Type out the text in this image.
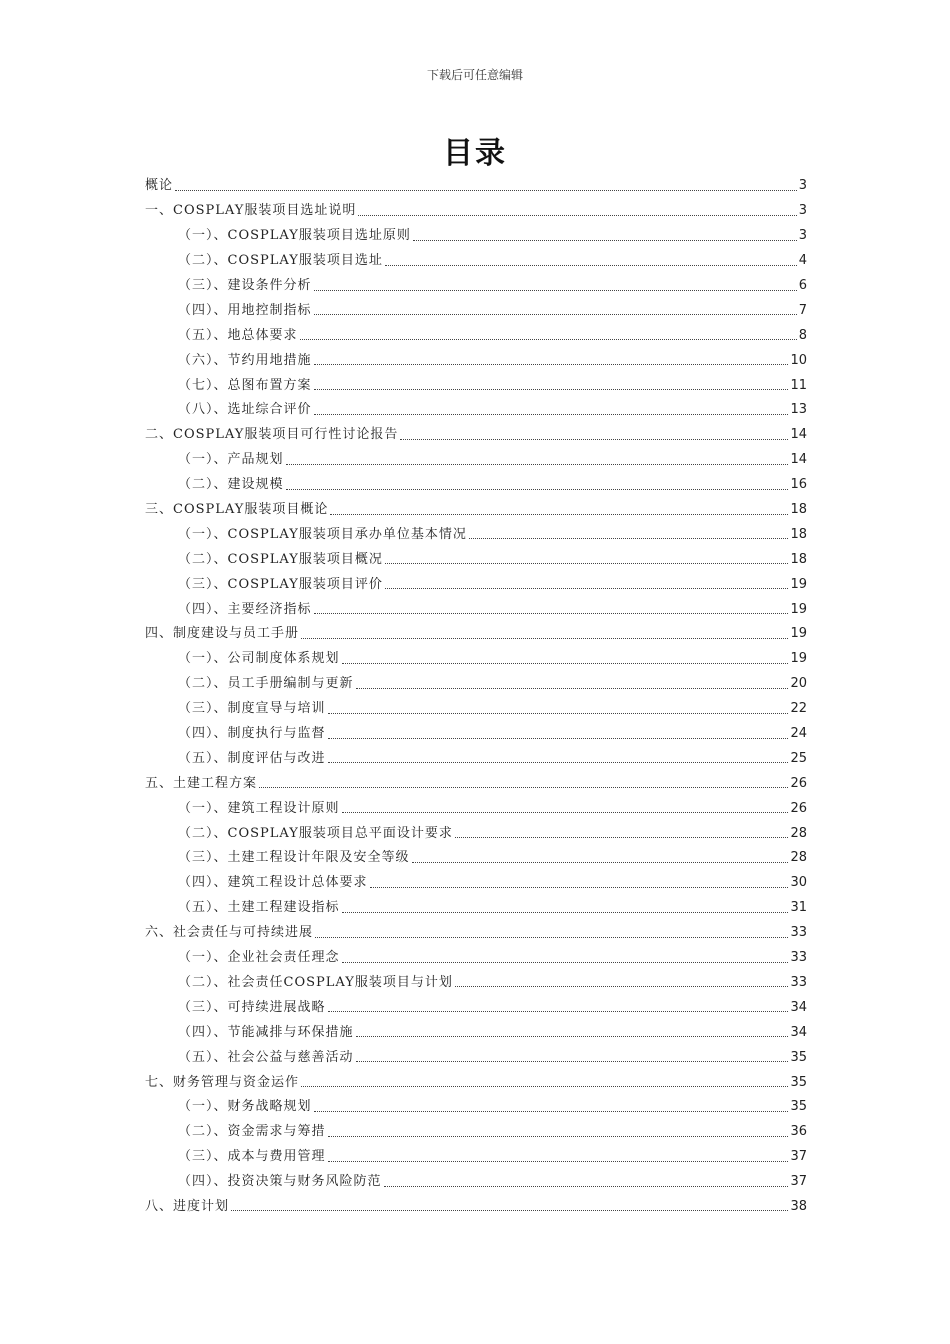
下载后可任意编辑
目录
概论	3
一、COSPLAY服装项目选址说明	3
（一）、COSPLAY服装项目选址原则	3
（二）、COSPLAY服装项目选址	4
（三）、建设条件分析	6
（四）、用地控制指标	7
（五）、地总体要求	8
（六）、节约用地措施	10
（七）、总图布置方案	11
（八）、选址综合评价	13
二、COSPLAY服装项目可行性讨论报告	14
（一）、产品规划	14
（二）、建设规模	16
三、COSPLAY服装项目概论	18
（一）、COSPLAY服装项目承办单位基本情况	18
（二）、COSPLAY服装项目概况	18
（三）、COSPLAY服装项目评价	19
（四）、主要经济指标	19
四、制度建设与员工手册	19
（一）、公司制度体系规划	19
（二）、员工手册编制与更新	20
（三）、制度宣导与培训	22
（四）、制度执行与监督	24
（五）、制度评估与改进	25
五、土建工程方案	26
（一）、建筑工程设计原则	26
（二）、COSPLAY服装项目总平面设计要求	28
（三）、土建工程设计年限及安全等级	28
（四）、建筑工程设计总体要求	30
（五）、土建工程建设指标	31
六、社会责任与可持续进展	33
（一）、企业社会责任理念	33
（二）、社会责任COSPLAY服装项目与计划	33
（三）、可持续进展战略	34
（四）、节能减排与环保措施	34
（五）、社会公益与慈善活动	35
七、财务管理与资金运作	35
（一）、财务战略规划	35
（二）、资金需求与筹措	36
（三）、成本与费用管理	37
（四）、投资决策与财务风险防范	37
八、进度计划	38
